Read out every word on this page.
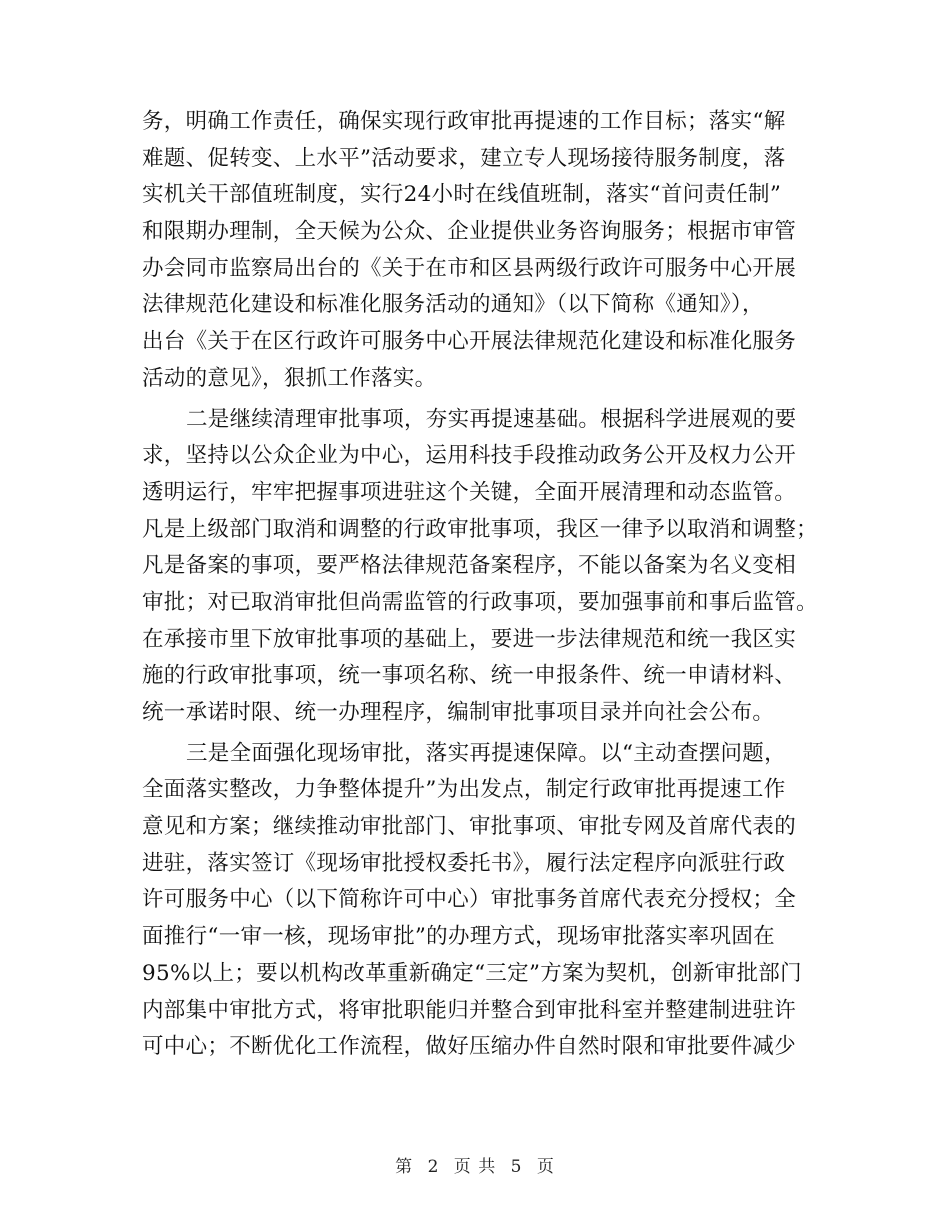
务，明确工作责任，确保实现行政审批再提速的工作目标；落实“解
难题、促转变、上水平”活动要求，建立专人现场接待服务制度，落
实机关干部值班制度，实行24小时在线值班制，落实“首问责任制”
和限期办理制，全天候为公众、企业提供业务咨询服务；根据市审管
办会同市监察局出台的《关于在市和区县两级行政许可服务中心开展
法律规范化建设和标准化服务活动的通知》（以下简称《通知》），
出台《关于在区行政许可服务中心开展法律规范化建设和标准化服务
活动的意见》，狠抓工作落实。
二是继续清理审批事项，夯实再提速基础。根据科学进展观的要
求，坚持以公众企业为中心，运用科技手段推动政务公开及权力公开
透明运行，牢牢把握事项进驻这个关键，全面开展清理和动态监管。
凡是上级部门取消和调整的行政审批事项，我区一律予以取消和调整；
凡是备案的事项，要严格法律规范备案程序，不能以备案为名义变相
审批；对已取消审批但尚需监管的行政事项，要加强事前和事后监管。
在承接市里下放审批事项的基础上，要进一步法律规范和统一我区实
施的行政审批事项，统一事项名称、统一申报条件、统一申请材料、
统一承诺时限、统一办理程序，编制审批事项目录并向社会公布。
三是全面强化现场审批，落实再提速保障。以“主动查摆问题，
全面落实整改，力争整体提升”为出发点，制定行政审批再提速工作
意见和方案；继续推动审批部门、审批事项、审批专网及首席代表的
进驻，落实签订《现场审批授权委托书》，履行法定程序向派驻行政
许可服务中心（以下简称许可中心）审批事务首席代表充分授权；全
面推行“一审一核，现场审批”的办理方式，现场审批落实率巩固在
95%以上；要以机构改革重新确定“三定”方案为契机，创新审批部门
内部集中审批方式，将审批职能归并整合到审批科室并整建制进驻许
可中心；不断优化工作流程，做好压缩办件自然时限和审批要件减少
第 2 页 共 5 页
